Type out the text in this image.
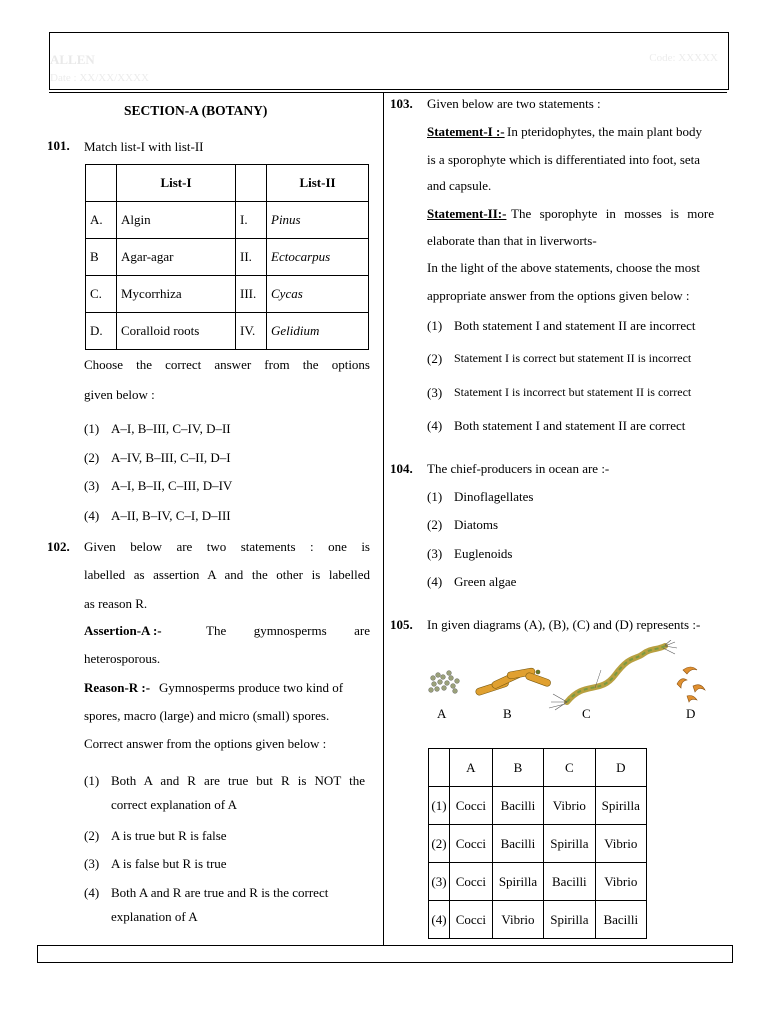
ALLEN
Date : XX/XX/XXXX
Code: XXXXX
SECTION-A (BOTANY)
101. Match list-I with list-II
	List-I		List-II
A.	Algin	I.	Pinus
B	Agar-agar	II.	Ectocarpus
C.	Mycorrhiza	III.	Cycas
D.	Coralloid roots	IV.	Gelidium
Choose the correct answer from the options
given below :
(1) A–I, B–III, C–IV, D–II
(2) A–IV, B–III, C–II, D–I
(3) A–I, B–II, C–III, D–IV
(4) A–II, B–IV, C–I, D–III
102. Given below are two statements : one is
labelled as assertion A and the other is labelled
as reason R.
Assertion-A :-	The gymnosperms are
heterosporous.
Reason-R :- Gymnosperms produce two kind of
spores, macro (large) and micro (small) spores.
Correct answer from the options given below :
(1) Both A and R are true but R is NOT the
correct explanation of A
(2) A is true but R is false
(3) A is false but R is true
(4) Both A and R are true and R is the correct
explanation of A
103. Given below are two statements :
Statement-I :- In pteridophytes, the main plant body
is a sporophyte which is differentiated into foot, seta
and capsule.
Statement-II:- The sporophyte in mosses is more
elaborate than that in liverworts-
In the light of the above statements, choose the most
appropriate answer from the options given below :
(1) Both statement I and statement II are incorrect
(2) Statement I is correct but statement II is incorrect
(3) Statement I is incorrect but statement II is correct
(4) Both statement I and statement II are correct
104. The chief-producers in ocean are :-
(1) Dinoflagellates
(2) Diatoms
(3) Euglenoids
(4) Green algae
105. In given diagrams (A), (B), (C) and (D) represents :-
A	B	C	D
	A	B	C	D
(1)	Cocci	Bacilli	Vibrio	Spirilla
(2)	Cocci	Bacilli	Spirilla	Vibrio
(3)	Cocci	Spirilla	Bacilli	Vibrio
(4)	Cocci	Vibrio	Spirilla	Bacilli
